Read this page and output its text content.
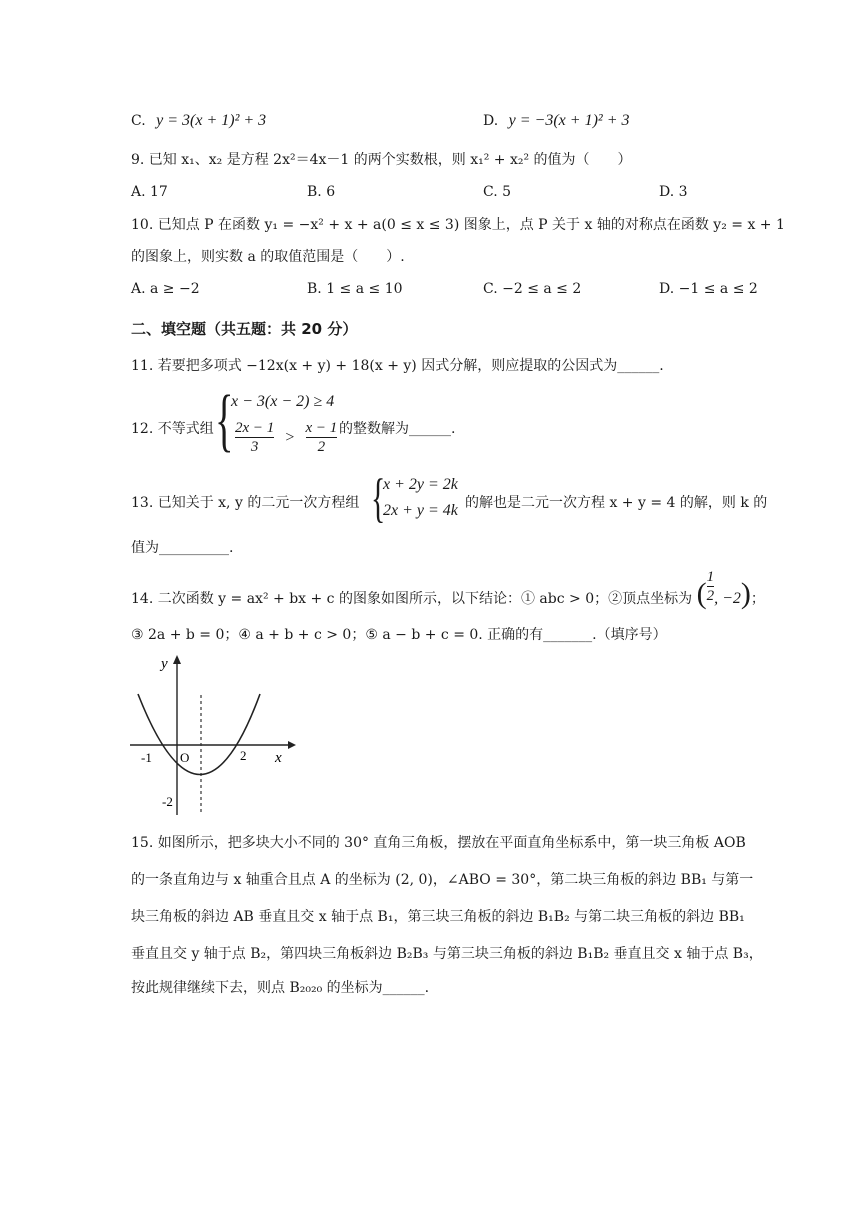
C. y = 3(x + 1)² + 3	D. y = −3(x + 1)² + 3
9. 已知 x₁、x₂ 是方程 2x²＝4x－1 的两个实数根，则 x₁² + x₂² 的值为（　　）
A. 17	B. 6	C. 5	D. 3
10. 已知点 P 在函数 y₁ = −x² + x + a(0 ≤ x ≤ 3) 图象上，点 P 关于 x 轴的对称点在函数 y₂ = x + 1
的图象上，则实数 a 的取值范围是（　　）.
A. a ≥ −2	B. 1 ≤ a ≤ 10	C. −2 ≤ a ≤ 2	D. −1 ≤ a ≤ 2
二、填空题（共五题：共 20 分）
11. 若要把多项式 −12x(x + y) + 18(x + y) 因式分解，则应提取的公因式为______.
12. 不等式组 {
x − 3(x − 2) ≥ 4
$\frac{2x - 1}{3} > \frac{x - 1}{2}$ 的整数解为______.
13. 已知关于 x, y 的二元一次方程组 {
x + 2y = 2k
2x + y = 4k 的解也是二元一次方程 x + y = 4 的解，则 k 的
值为__________.
14. 二次函数 y = ax² + bx + c 的图象如图所示，以下结论：① abc > 0；②顶点坐标为 ( $\frac{1}{2}$ , −2)；
③ 2a + b = 0；④ a + b + c > 0；⑤ a − b + c = 0. 正确的有_______.（填序号）
y
x
O
-1	2
-2
15. 如图所示，把多块大小不同的 30° 直角三角板，摆放在平面直角坐标系中，第一块三角板 AOB
的一条直角边与 x 轴重合且点 A 的坐标为 (2, 0)，∠ABO = 30°，第二块三角板的斜边 BB₁ 与第一
块三角板的斜边 AB 垂直且交 x 轴于点 B₁，第三块三角板的斜边 B₁B₂ 与第二块三角板的斜边 BB₁
垂直且交 y 轴于点 B₂，第四块三角板斜边 B₂B₃ 与第三块三角板的斜边 B₁B₂ 垂直且交 x 轴于点 B₃，
按此规律继续下去，则点 B₂₀₂₀ 的坐标为______.
